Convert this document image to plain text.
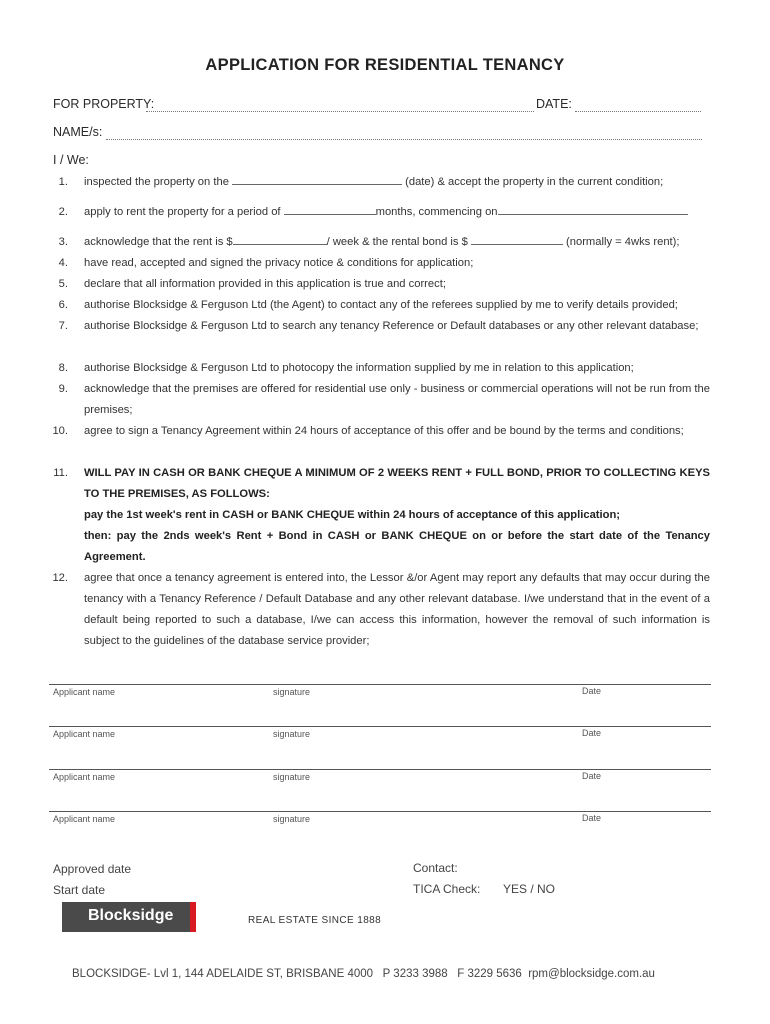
APPLICATION FOR RESIDENTIAL TENANCY
FOR PROPERTY:	DATE:
NAME/s:
I / We:
1. inspected the property on the	(date) & accept the property in the current condition;
2. apply to rent the property for a period of	months, commencing on
3. acknowledge that the rent is $	/ week & the rental bond is $	(normally = 4wks rent);
4. have read, accepted and signed the privacy notice & conditions for application;
5. declare that all information provided in this application is true and correct;
6. authorise Blocksidge & Ferguson Ltd (the Agent) to contact any of the referees supplied by me to verify details provided;
7. authorise Blocksidge & Ferguson Ltd to search any tenancy Reference or Default databases or any other relevant database;
8. authorise Blocksidge & Ferguson Ltd to photocopy the information supplied by me in relation to this application;
9. acknowledge that the premises are offered for residential use only - business or commercial operations will not be run from the premises;
10. agree to sign a Tenancy Agreement within 24 hours of acceptance of this offer and be bound by the terms and conditions;
11. WILL PAY IN CASH OR BANK CHEQUE A MINIMUM OF 2 WEEKS RENT + FULL BOND, PRIOR TO COLLECTING KEYS TO THE PREMISES, AS FOLLOWS:
pay the 1st week's rent in CASH or BANK CHEQUE within 24 hours of acceptance of this application;
then: pay the 2nds week's Rent + Bond in CASH or BANK CHEQUE on or before the start date of the Tenancy Agreement.
12. agree that once a tenancy agreement is entered into, the Lessor &/or Agent may report any defaults that may occur during the tenancy with a Tenancy Reference / Default Database and any other relevant database. I/we understand that in the event of a default being reported to such a database, I/we can access this information, however the removal of such information is subject to the guidelines of the database service provider;
Applicant name	signature	Date
Applicant name	signature	Date
Applicant name	signature	Date
Applicant name	signature	Date
Approved date
Start date
Contact:
TICA Check: YES / NO
Blocksidge	REAL ESTATE SINCE 1888
BLOCKSIDGE- Lvl 1, 144 ADELAIDE ST, BRISBANE 4000   P 3233 3988   F 3229 5636  rpm@blocksidge.com.au
